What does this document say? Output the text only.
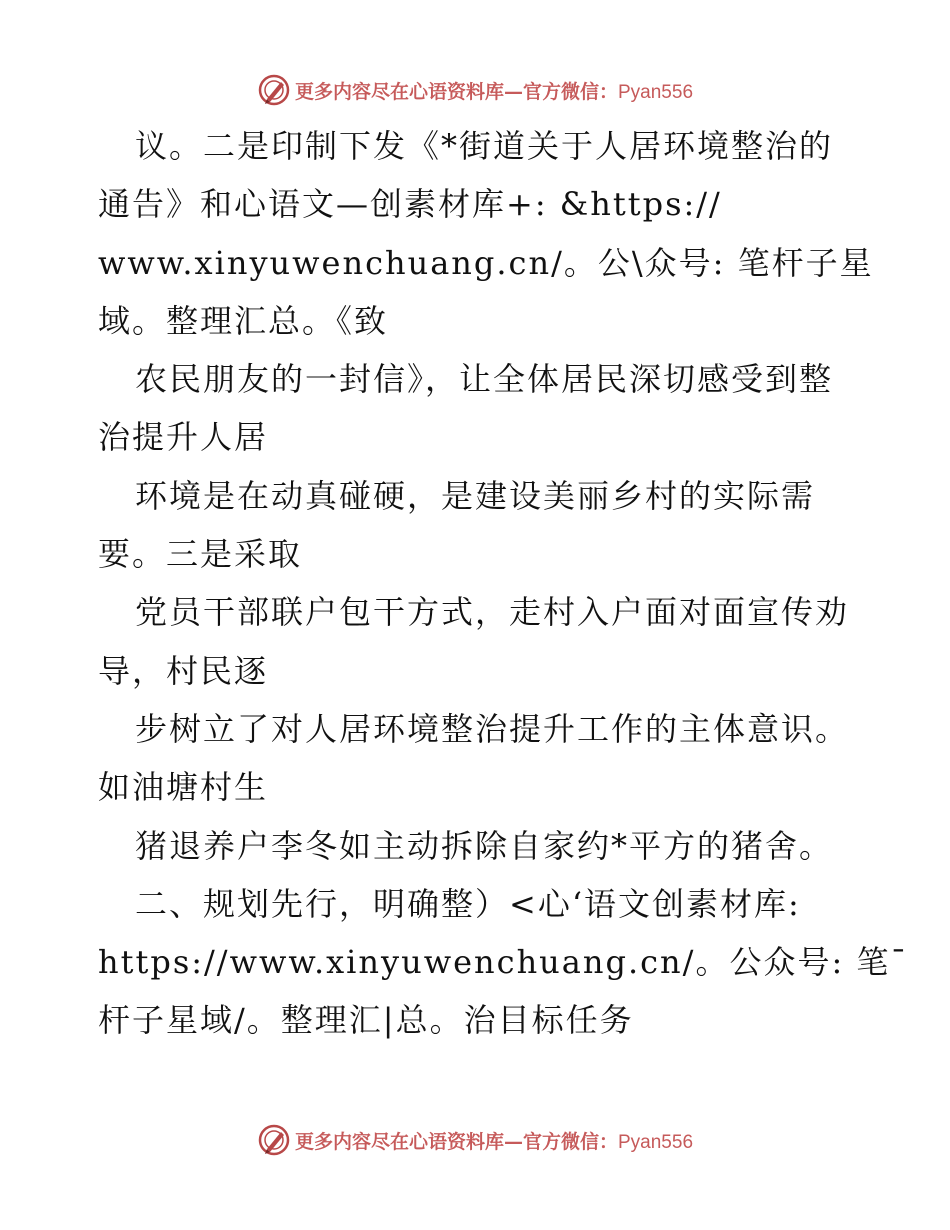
更多内容尽在心语资料库—官方微信：Pyan556
议。二是印制下发《*街道关于人居环境整治的
通告》和心语文—创素材库+: &https://
www.xinyuwenchuang.cn/。公\众号: 笔杆子星
域。整理汇总。《致
农民朋友的一封信》，让全体居民深切感受到整
治提升人居
环境是在动真碰硬，是建设美丽乡村的实际需
要。三是采取
党员干部联户包干方式，走村入户面对面宣传劝
导，村民逐
步树立了对人居环境整治提升工作的主体意识。
如油塘村生
猪退养户李冬如主动拆除自家约*平方的猪舍。
二、规划先行，明确整）<心‘语文创素材库:
https://www.xinyuwenchuang.cn/。公众号: 笔¯
杆子星域/。整理汇|总。治目标任务
更多内容尽在心语资料库—官方微信：Pyan556
